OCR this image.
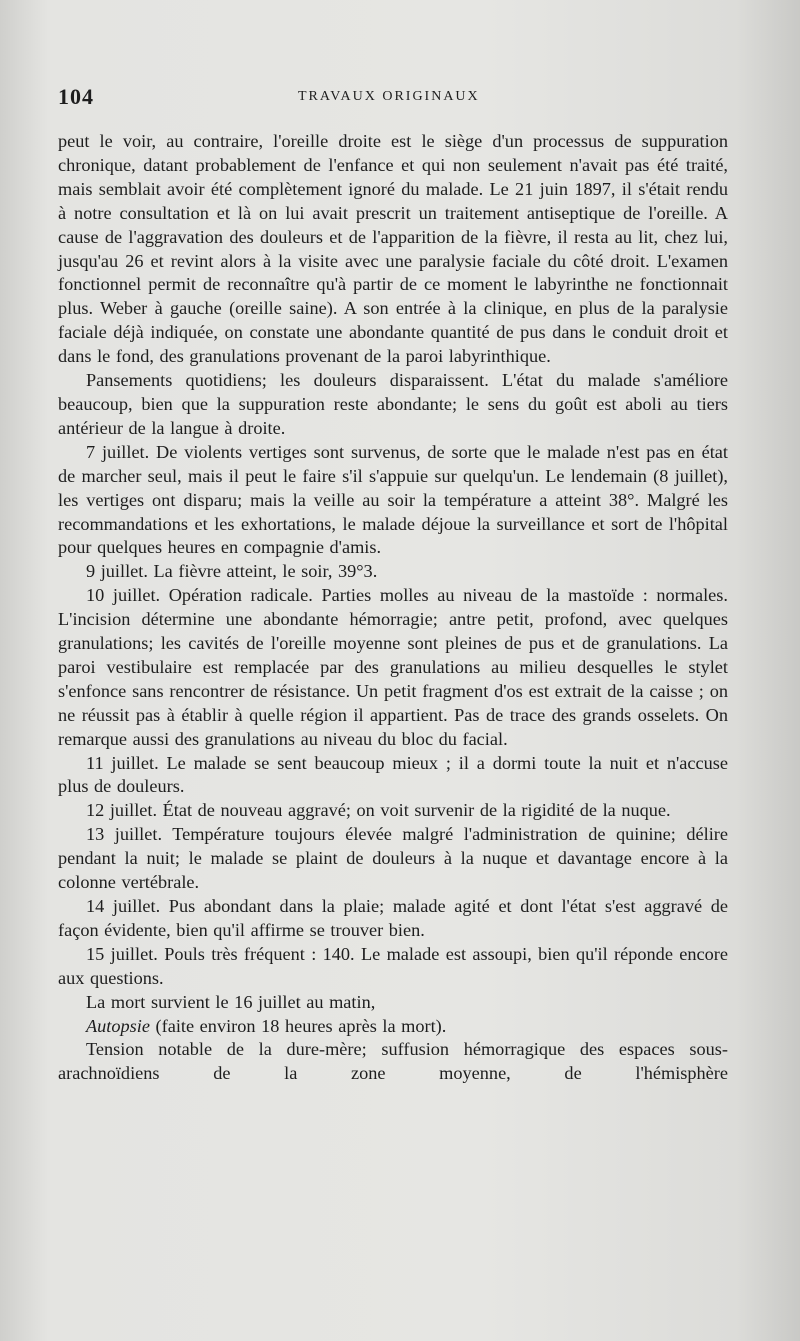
104	TRAVAUX ORIGINAUX

peut le voir, au contraire, l'oreille droite est le siège d'un processus de suppuration chronique, datant probablement de l'enfance et qui non seulement n'avait pas été traité, mais semblait avoir été complètement ignoré du malade. Le 21 juin 1897, il s'était rendu à notre consultation et là on lui avait prescrit un traitement antiseptique de l'oreille. A cause de l'aggravation des douleurs et de l'apparition de la fièvre, il resta au lit, chez lui, jusqu'au 26 et revint alors à la visite avec une paralysie faciale du côté droit. L'examen fonctionnel permit de reconnaître qu'à partir de ce moment le labyrinthe ne fonctionnait plus. Weber à gauche (oreille saine). A son entrée à la clinique, en plus de la paralysie faciale déjà indiquée, on constate une abondante quantité de pus dans le conduit droit et dans le fond, des granulations provenant de la paroi labyrinthique.

Pansements quotidiens; les douleurs disparaissent. L'état du malade s'améliore beaucoup, bien que la suppuration reste abondante; le sens du goût est aboli au tiers antérieur de la langue à droite.

7 juillet. De violents vertiges sont survenus, de sorte que le malade n'est pas en état de marcher seul, mais il peut le faire s'il s'appuie sur quelqu'un. Le lendemain (8 juillet), les vertiges ont disparu; mais la veille au soir la température a atteint 38°. Malgré les recommandations et les exhortations, le malade déjoue la surveillance et sort de l'hôpital pour quelques heures en compagnie d'amis.

9 juillet. La fièvre atteint, le soir, 39°3.

10 juillet. Opération radicale. Parties molles au niveau de la mastoïde : normales. L'incision détermine une abondante hémorragie; antre petit, profond, avec quelques granulations; les cavités de l'oreille moyenne sont pleines de pus et de granulations. La paroi vestibulaire est remplacée par des granulations au milieu desquelles le stylet s'enfonce sans rencontrer de résistance. Un petit fragment d'os est extrait de la caisse ; on ne réussit pas à établir à quelle région il appartient. Pas de trace des grands osselets. On remarque aussi des granulations au niveau du bloc du facial.

11 juillet. Le malade se sent beaucoup mieux ; il a dormi toute la nuit et n'accuse plus de douleurs.

12 juillet. État de nouveau aggravé; on voit survenir de la rigidité de la nuque.

13 juillet. Température toujours élevée malgré l'administration de quinine; délire pendant la nuit; le malade se plaint de douleurs à la nuque et davantage encore à la colonne vertébrale.

14 juillet. Pus abondant dans la plaie; malade agité et dont l'état s'est aggravé de façon évidente, bien qu'il affirme se trouver bien.

15 juillet. Pouls très fréquent : 140. Le malade est assoupi, bien qu'il réponde encore aux questions.

La mort survient le 16 juillet au matin,

Autopsie (faite environ 18 heures après la mort).

Tension notable de la dure-mère; suffusion hémorragique des espaces sous-arachnoïdiens de la zone moyenne, de l'hémisphère
